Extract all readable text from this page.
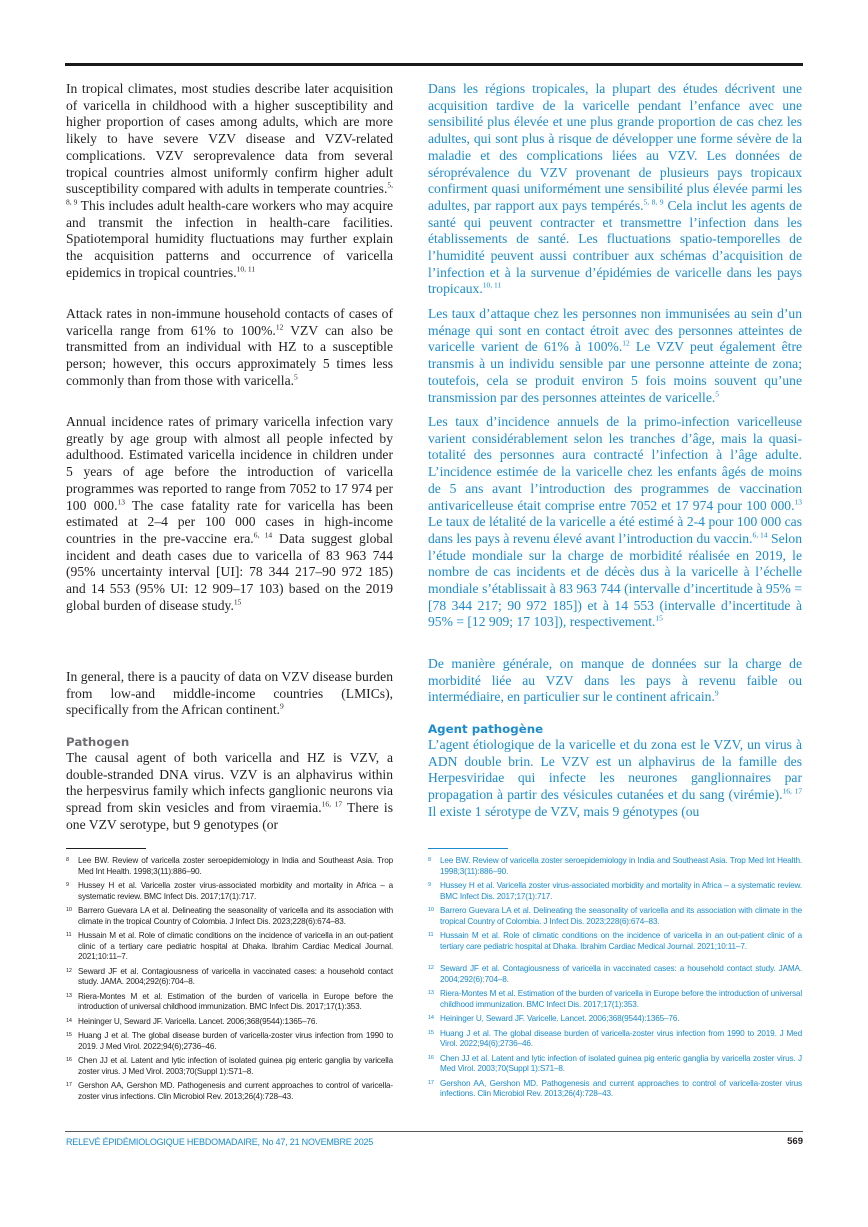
In tropical climates, most studies describe later acquisition of varicella in childhood with a higher susceptibility and higher proportion of cases among adults, which are more likely to have severe VZV disease and VZV-related complications. VZV seroprevalence data from several tropical countries almost uniformly confirm higher adult susceptibility compared with adults in temperate countries.$^{5, 8, 9}$ This includes adult health-care workers who may acquire and transmit the infection in health-care facilities. Spatiotemporal humidity fluctuations may further explain the acquisition patterns and occurrence of varicella epidemics in tropical countries.$^{10, 11}$

Attack rates in non-immune household contacts of cases of varicella range from 61% to 100%.$^{12}$ VZV can also be transmitted from an individual with HZ to a susceptible person; however, this occurs approximately 5 times less commonly than from those with varicella.$^5$

Annual incidence rates of primary varicella infection vary greatly by age group with almost all people infected by adulthood. Estimated varicella incidence in children under 5 years of age before the introduction of varicella programmes was reported to range from 7052 to 17 974 per 100 000.13 The case fatality rate for varicella has been estimated at 2–4 per 100 000 cases in high-income countries in the pre-vaccine era.$^{6, 14}$ Data suggest global incident and death cases due to varicella of 83 963 744 (95% uncertainty interval [UI]: 78 344 217–90 972 185) and 14 553 (95% UI: 12 909–17 103) based on the 2019 global burden of disease study.$^{15}$

In general, there is a paucity of data on VZV disease burden from low-and middle-income countries (LMICs), specifically from the African continent.$^9$

Pathogen

The causal agent of both varicella and HZ is VZV, a double-stranded DNA virus. VZV is an alphavirus within the herpesvirus family which infects ganglionic neurons via spread from skin vesicles and from viraemia.$^{16, 17}$ There is one VZV serotype, but 9 genotypes (or

Dans les régions tropicales, la plupart des études décrivent une acquisition tardive de la varicelle pendant l’enfance avec une sensibilité plus élevée et une plus grande proportion de cas chez les adultes, qui sont plus à risque de développer une forme sévère de la maladie et des complications liées au VZV. Les données de séroprévalence du VZV provenant de plusieurs pays tropicaux confirment quasi uniformément une sensibilité plus élevée parmi les adultes, par rapport aux pays tempérés.$^{5, 8, 9}$ Cela inclut les agents de santé qui peuvent contracter et transmettre l’infection dans les établissements de santé. Les fluctuations spatio-temporelles de l’humidité peuvent aussi contribuer aux schémas d’acquisition de l’infection et à la survenue d’épidémies de varicelle dans les pays tropicaux.$^{10, 11}$

Les taux d’attaque chez les personnes non immunisées au sein d’un ménage qui sont en contact étroit avec des personnes atteintes de varicelle varient de 61% à 100%.$^{12}$ Le VZV peut également être transmis à un individu sensible par une personne atteinte de zona; toutefois, cela se produit environ 5 fois moins souvent qu’une transmission par des personnes atteintes de varicelle.$^5$

Les taux d’incidence annuels de la primo-infection varicelleuse varient considérablement selon les tranches d’âge, mais la quasi-totalité des personnes aura contracté l’infection à l’âge adulte. L’incidence estimée de la varicelle chez les enfants âgés de moins de 5 ans avant l’introduction des programmes de vaccination antivaricelleuse était comprise entre 7052 et 17 974 pour 100 000.13 Le taux de létalité de la varicelle a été estimé à 2-4 pour 100 000 cas dans les pays à revenu élevé avant l’introduction du vaccin.$^{6, 14}$ Selon l’étude mondiale sur la charge de morbidité réalisée en 2019, le nombre de cas incidents et de décès dus à la varicelle à l’échelle mondiale s’établissait à 83 963 744 (intervalle d’incertitude à 95% = [78 344 217; 90 972 185]) et à 14 553 (intervalle d’incertitude à 95% = [12 909; 17 103]), respectivement.$^{15}$

De manière générale, on manque de données sur la charge de morbidité liée au VZV dans les pays à revenu faible ou intermédiaire, en particulier sur le continent africain.$^9$

Agent pathogène

L’agent étiologique de la varicelle et du zona est le VZV, un virus à ADN double brin. Le VZV est un alphavirus de la famille des Herpesviridae qui infecte les neurones ganglionnaires par propagation à partir des vésicules cutanées et du sang (virémie).$^{16, 17}$ Il existe 1 sérotype de VZV, mais 9 génotypes (ou

8	Lee BW. Review of varicella zoster seroepidemiology in India and Southeast Asia. Trop Med Int Health. 1998;3(11):886–90.
9	Hussey H et al. Varicella zoster virus-associated morbidity and mortality in Africa – a systematic review. BMC Infect Dis. 2017;17(1):717.
10 Barrero Guevara LA et al. Delineating the seasonality of varicella and its association with climate in the tropical Country of Colombia. J Infect Dis. 2023;228(6):674–83.
11 Hussain M et al. Role of climatic conditions on the incidence of varicella in an out-patient clinic of a tertiary care pediatric hospital at Dhaka. Ibrahim Cardiac Medical Journal. 2021;10:11–7.
12 Seward JF et al. Contagiousness of varicella in vaccinated cases: a household contact study. JAMA. 2004;292(6):704–8.
13 Riera-Montes M et al. Estimation of the burden of varicella in Europe before the introduction of universal childhood immunization. BMC Infect Dis. 2017;17(1):353.
14 Heininger U, Seward JF. Varicella. Lancet. 2006;368(9544):1365–76.
15 Huang J et al. The global disease burden of varicella-zoster virus infection from 1990 to 2019. J Med Virol. 2022;94(6);2736–46.
16 Chen JJ et al. Latent and lytic infection of isolated guinea pig enteric ganglia by varicella zoster virus. J Med Virol. 2003;70(Suppl 1):S71–8.
17 Gershon AA, Gershon MD. Pathogenesis and current approaches to control of varicella-zoster virus infections. Clin Microbiol Rev. 2013;26(4):728–43.
8	Lee BW. Review of varicella zoster seroepidemiology in India and Southeast Asia. Trop Med Int Health. 1998;3(11):886–90.
9	Hussey H et al. Varicella zoster virus-associated morbidity and mortality in Africa – a systematic review. BMC Infect Dis. 2017;17(1):717.
10 Barrero Guevara LA et al. Delineating the seasonality of varicella and its association with climate in the tropical Country of Colombia. J Infect Dis. 2023;228(6):674–83.
11 Hussain M et al. Role of climatic conditions on the incidence of varicella in an out-patient clinic of a tertiary care pediatric hospital at Dhaka. Ibrahim Cardiac Medical Journal. 2021;10:11–7.
12 Seward JF et al. Contagiousness of varicella in vaccinated cases: a household contact study. JAMA. 2004;292(6):704–8.
13 Riera-Montes M et al. Estimation of the burden of varicella in Europe before the introduction of universal childhood immunization. BMC Infect Dis. 2017;17(1):353.
14 Heininger U, Seward JF. Varicelle. Lancet. 2006;368(9544):1365–76.
15 Huang J et al. The global disease burden of varicella-zoster virus infection from 1990 to 2019. J Med Virol. 2022;94(6);2736–46.
16 Chen JJ et al. Latent and lytic infection of isolated guinea pig enteric ganglia by varicella zoster virus. J Med Virol. 2003;70(Suppl 1):S71–8.
17 Gershon AA, Gershon MD. Pathogenesis and current approaches to control of varicella-zoster virus infections. Clin Microbiol Rev. 2013;26(4):728–43.
RELEVÉ ÉPIDÉMIOLOGIQUE HEBDOMADAIRE, No 47, 21 NOVEMBRE 2025	569
